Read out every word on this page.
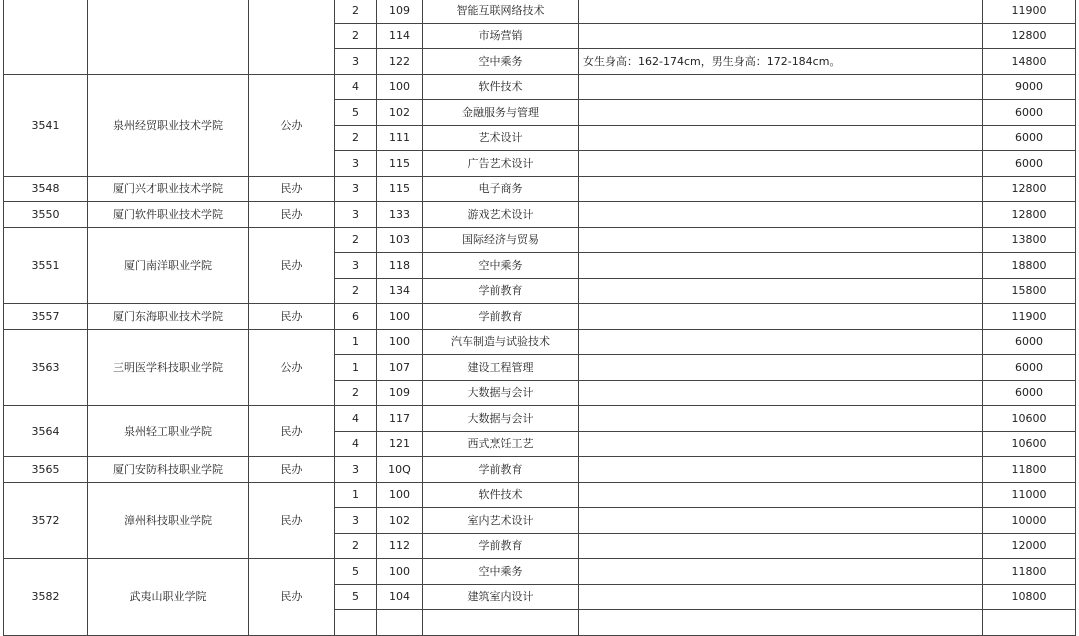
			2	109	智能互联网络技术		11900
			2	114	市场营销		12800
			3	122	空中乘务	女生身高：162-174cm，男生身高：172-184cm。	14800
3541	泉州经贸职业技术学院	公办	4	100	软件技术		9000
			5	102	金融服务与管理		6000
			2	111	艺术设计		6000
			3	115	广告艺术设计		6000
3548	厦门兴才职业技术学院	民办	3	115	电子商务		12800
3550	厦门软件职业技术学院	民办	3	133	游戏艺术设计		12800
3551	厦门南洋职业学院	民办	2	103	国际经济与贸易		13800
			3	118	空中乘务		18800
			2	134	学前教育		15800
3557	厦门东海职业技术学院	民办	6	100	学前教育		11900
3563	三明医学科技职业学院	公办	1	100	汽车制造与试验技术		6000
			1	107	建设工程管理		6000
			2	109	大数据与会计		6000
3564	泉州轻工职业学院	民办	4	117	大数据与会计		10600
			4	121	西式烹饪工艺		10600
3565	厦门安防科技职业学院	民办	3	10Q	学前教育		11800
3572	漳州科技职业学院	民办	1	100	软件技术		11000
			3	102	室内艺术设计		10000
			2	112	学前教育		12000
3582	武夷山职业学院	民办	5	100	空中乘务		11800
			5	104	建筑室内设计		10800
